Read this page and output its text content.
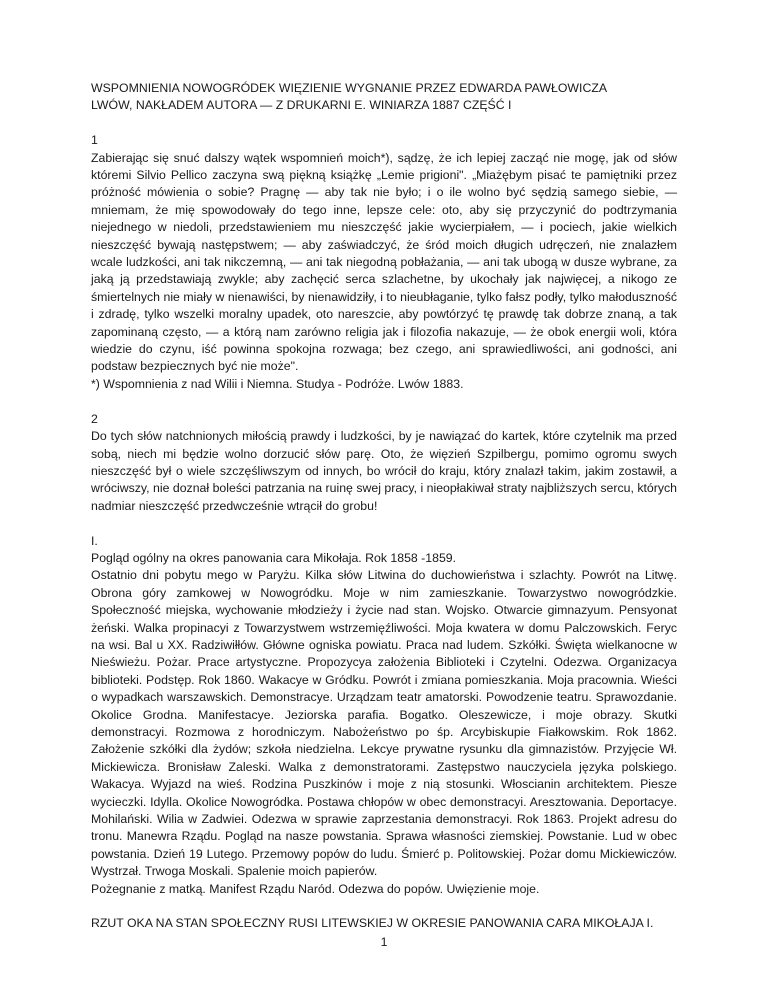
WSPOMNIENIA NOWOGRÓDEK WIĘZIENIE WYGNANIE PRZEZ EDWARDA PAWŁOWICZA
LWÓW, NAKŁADEM AUTORA — Z DRUKARNI E. WINIARZA 1887 CZĘŚĆ I
1

Zabierając się snuć dalszy wątek wspomnień moich*), sądzę, że ich lepiej zacząć nie mogę, jak od słów któremi Silvio Pellico zaczyna swą piękną książkę „Lemie prigioni". „Miażębym pisać te pamiętniki przez próżność mówienia o sobie? Pragnę — aby tak nie było; i o ile wolno być sędzią samego siebie, — mniemam, że mię spowodowały do tego inne, lepsze cele: oto, aby się przyczynić do podtrzymania niejednego w niedoli, przedstawieniem mu nieszczęść jakie wycierpiałem, — i pociech, jakie wielkich nieszczęść bywają następstwem; — aby zaświadczyć, że śród moich długich udręczeń, nie znalazłem wcale ludzkości, ani tak nikczemną, — ani tak niegodną pobłażania, — ani tak ubogą w dusze wybrane, za jaką ją przedstawiają zwykle; aby zachęcić serca szlachetne, by ukochały jak najwięcej, a nikogo ze śmiertelnych nie miały w nienawiści, by nienawidziły, i to nieubłaganie, tylko fałsz podły, tylko małoduszność i zdradę, tylko wszelki moralny upadek, oto nareszcie, aby powtórzyć tę prawdę tak dobrze znaną, a tak zapominaną często, — a którą nam zarówno religia jak i filozofia nakazuje, — że obok energii woli, która wiedzie do czynu, iść powinna spokojna rozwaga; bez czego, ani sprawiedliwości, ani godności, ani podstaw bezpiecznych być nie może".

*) Wspomnienia z nad Wilii i Niemna. Studya - Podróże. Lwów 1883.
2

Do tych słów natchnionych miłością prawdy i ludzkości, by je nawiązać do kartek, które czytelnik ma przed sobą, niech mi będzie wolno dorzucić słów parę. Oto, że więzień Szpilbergu, pomimo ogromu swych nieszczęść był o wiele szczęśliwszym od innych, bo wrócił do kraju, który znalazł takim, jakim zostawił, a wróciwszy, nie doznał boleści patrzania na ruinę swej pracy, i nieopłakiwał straty najbliższych sercu, których nadmiar nieszczęść przedwcześnie wtrącił do grobu!

I.
Pogląd ogólny na okres panowania cara Mikołaja. Rok 1858 -1859.

Ostatnio dni pobytu mego w Paryżu. Kilka słów Litwina do duchowieństwa i szlachty. Powrót na Litwę. Obrona góry zamkowej w Nowogródku. Moje w nim zamieszkanie. Towarzystwo nowogródzkie. Społeczność miejska, wychowanie młodzieży i życie nad stan. Wojsko. Otwarcie gimnazyum. Pensyonat żeński. Walka propinacyi z Towarzystwem wstrzemięźliwości. Moja kwatera w domu Palczowskich. Feryc na wsi. Bal u XX. Radziwiłłów. Główne ogniska powiatu. Praca nad ludem. Szkółki. Święta wielkanocne w Nieświeżu. Pożar. Prace artystyczne. Propozycya założenia Biblioteki i Czytelni. Odezwa. Organizacya biblioteki. Podstęp. Rok 1860. Wakacye w Gródku. Powrót i zmiana pomieszkania. Moja pracownia. Wieści o wypadkach warszawskich. Demonstracye. Urządzam teatr amatorski. Powodzenie teatru. Sprawozdanie. Okolice Grodna. Manifestacye. Jeziorska parafia. Bogatko. Oleszewicze, i moje obrazy. Skutki demonstracyi. Rozmowa z horodniczym. Nabożeństwo po śp. Arcybiskupie Fiałkowskim. Rok 1862. Założenie szkółki dla żydów; szkoła niedzielna. Lekcye prywatne rysunku dla gimnazistów. Przyjęcie Wł. Mickiewicza. Bronisław Zaleski. Walka z demonstratorami. Zastępstwo nauczyciela języka polskiego. Wakacya. Wyjazd na wieś. Rodzina Puszkinów i moje z nią stosunki. Włoscianin architektem. Piesze wycieczki. Idylla. Okolice Nowogródka. Postawa chłopów w obec demonstracyi. Aresztowania. Deportacye. Mohilański. Wilia w Zadwiei. Odezwa w sprawie zaprzestania demonstracyi. Rok 1863. Projekt adresu do tronu. Manewra Rządu. Pogląd na nasze powstania. Sprawa własności ziemskiej. Powstanie. Lud w obec powstania. Dzień 19 Lutego. Przemowy popów do ludu. Śmierć p. Politowskiej. Pożar domu Mickiewiczów. Wystrzał. Trwoga Moskali. Spalenie moich papierów.

Pożegnanie z matką. Manifest Rządu Naród. Odezwa do popów. Uwięzienie moje.
RZUT OKA NA STAN SPOŁECZNY RUSI LITEWSKIEJ W OKRESIE PANOWANIA CARA MIKOŁAJA I.
1
